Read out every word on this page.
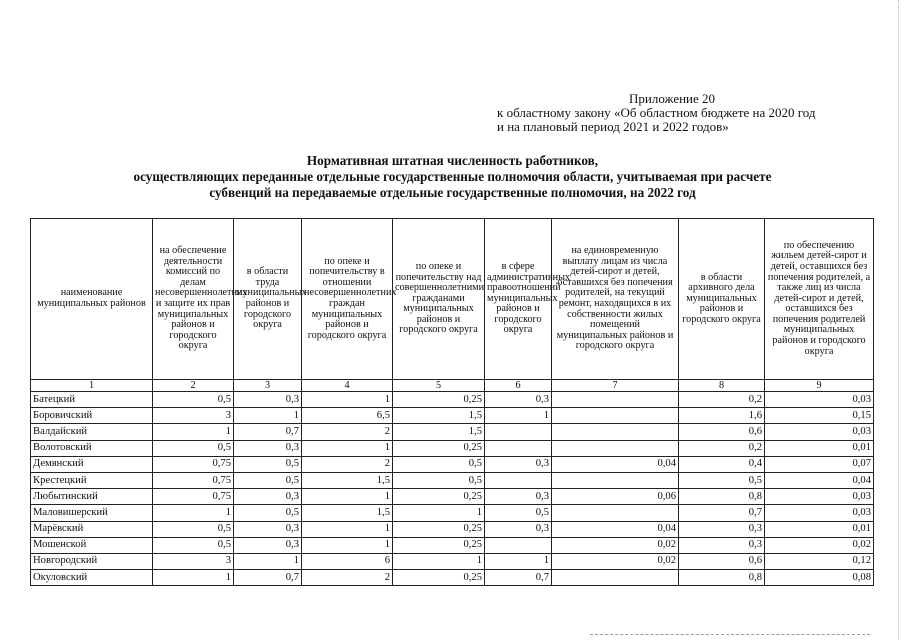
Приложение 20
к областному закону «Об областном бюджете на 2020 год
и на плановый период 2021 и 2022 годов»
Нормативная штатная численность работников,
осуществляющих переданные отдельные государственные полномочия области, учитываемая при расчете
субвенций на передаваемые отдельные государственные полномочия, на 2022 год
наименование муниципальных районов	на обеспечение деятельности комиссий по делам несовершеннолетних и защите их прав муниципальных районов и городского округа	в области труда муниципальных районов и городского округа	по опеке и попечительству в отношении несовершеннолетних граждан муниципальных районов и городского округа	по опеке и попечительству над совершеннолетними гражданами муниципальных районов и городского округа	в сфере административных правоотношений муниципальных районов и городского округа	на единовременную выплату лицам из числа детей-сирот и детей, оставшихся без попечения родителей, на текущий ремонт, находящихся в их собственности жилых помещений муниципальных районов и городского округа	в области архивного дела муниципальных районов и городского округа	по обеспечению жильем детей-сирот и детей, оставшихся без попечения родителей, а также лиц из числа детей-сирот и детей, оставшихся без попечения родителей муниципальных районов и городского округа
1	2	3	4	5	6	7	8	9
Батецкий	0,5	0,3	1	0,25	0,3		0,2	0,03
Боровичский	3	1	6,5	1,5	1		1,6	0,15
Валдайский	1	0,7	2	1,5			0,6	0,03
Волотовский	0,5	0,3	1	0,25			0,2	0,01
Демянский	0,75	0,5	2	0,5	0,3	0,04	0,4	0,07
Крестецкий	0,75	0,5	1,5	0,5			0,5	0,04
Любытинский	0,75	0,3	1	0,25	0,3	0,06	0,8	0,03
Маловишерский	1	0,5	1,5	1	0,5		0,7	0,03
Марёвский	0,5	0,3	1	0,25	0,3	0,04	0,3	0,01
Мошенской	0,5	0,3	1	0,25		0,02	0,3	0,02
Новгородский	3	1	6	1	1	0,02	0,6	0,12
Окуловский	1	0,7	2	0,25	0,7		0,8	0,08
